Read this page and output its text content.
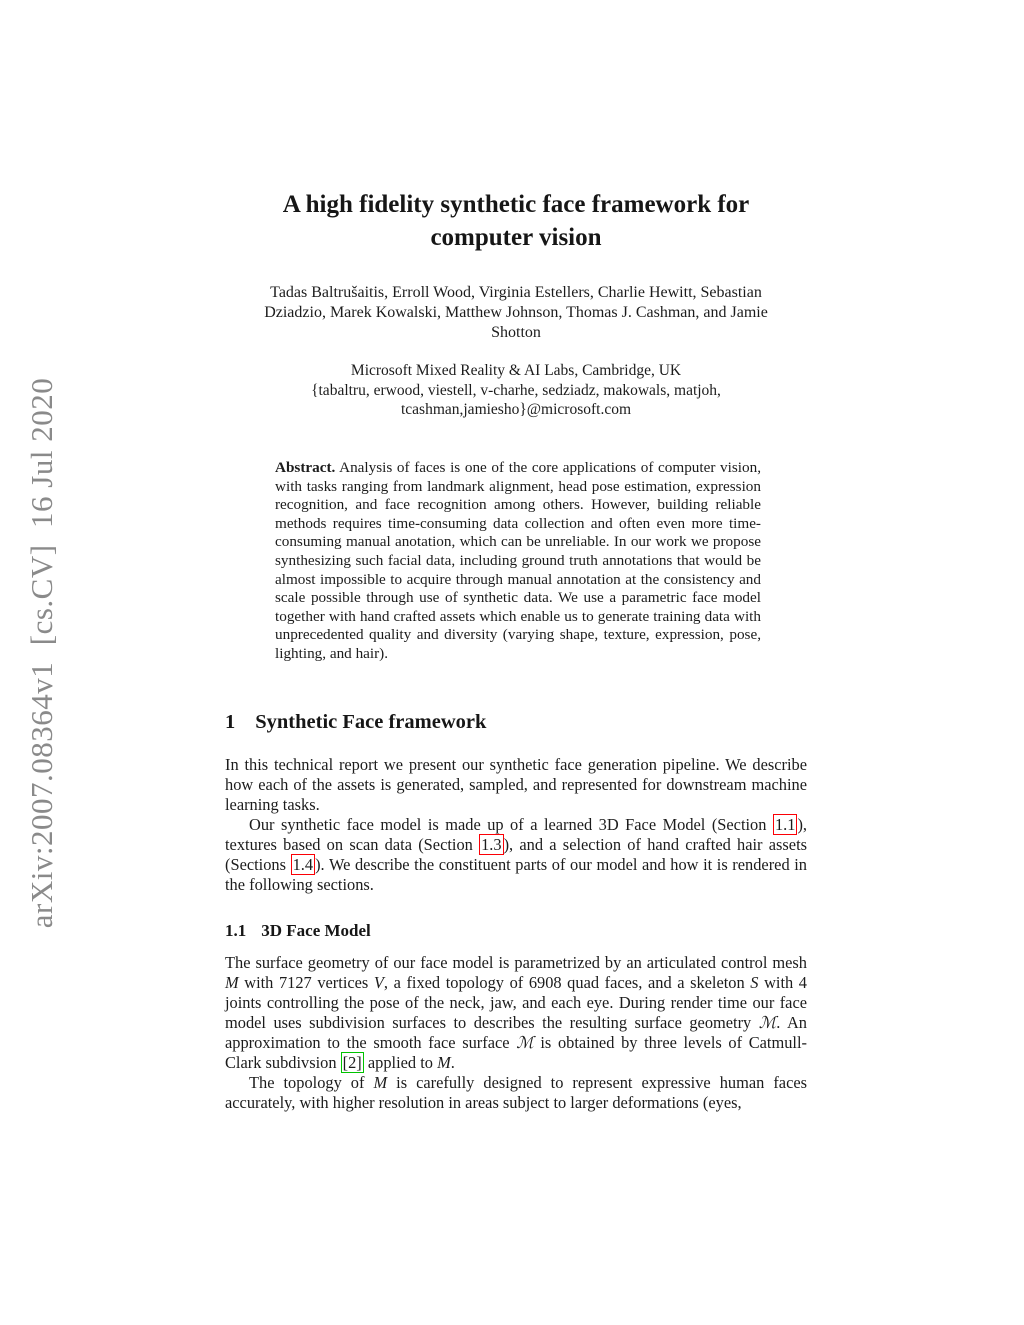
arXiv:2007.08364v1  [cs.CV]  16 Jul 2020
A high fidelity synthetic face framework for
computer vision
Tadas Baltrušaitis, Erroll Wood, Virginia Estellers, Charlie Hewitt, Sebastian
Dziadzio, Marek Kowalski, Matthew Johnson, Thomas J. Cashman, and Jamie
Shotton
Microsoft Mixed Reality & AI Labs, Cambridge, UK
{tabaltru, erwood, viestell, v-charhe, sedziadz, makowals, matjoh,
tcashman,jamiesho}@microsoft.com
Abstract. Analysis of faces is one of the core applications of computer vision, with tasks ranging from landmark alignment, head pose estimation, expression recognition, and face recognition among others. However, building reliable methods requires time-consuming data collection and often even more time-consuming manual anotation, which can be unreliable. In our work we propose synthesizing such facial data, including ground truth annotations that would be almost impossible to acquire through manual annotation at the consistency and scale possible through use of synthetic data. We use a parametric face model together with hand crafted assets which enable us to generate training data with unprecedented quality and diversity (varying shape, texture, expression, pose, lighting, and hair).
1 Synthetic Face framework
In this technical report we present our synthetic face generation pipeline. We describe how each of the assets is generated, sampled, and represented for downstream machine learning tasks.
Our synthetic face model is made up of a learned 3D Face Model (Section 1.1 ), textures based on scan data (Section 1.3 ), and a selection of hand crafted hair assets (Sections 1.4 ). We describe the constituent parts of our model and how it is rendered in the following sections.
1.1 3D Face Model
The surface geometry of our face model is parametrized by an articulated control mesh M with 7127 vertices V, a fixed topology of 6908 quad faces, and a skeleton S with 4 joints controlling the pose of the neck, jaw, and each eye. During render time our face model uses subdivision surfaces to describes the resulting surface geometry ℳ. An approximation to the smooth face surface ℳ is obtained by three levels of Catmull-Clark subdivsion [2] applied to M.
The topology of M is carefully designed to represent expressive human faces accurately, with higher resolution in areas subject to larger deformations (eyes,
